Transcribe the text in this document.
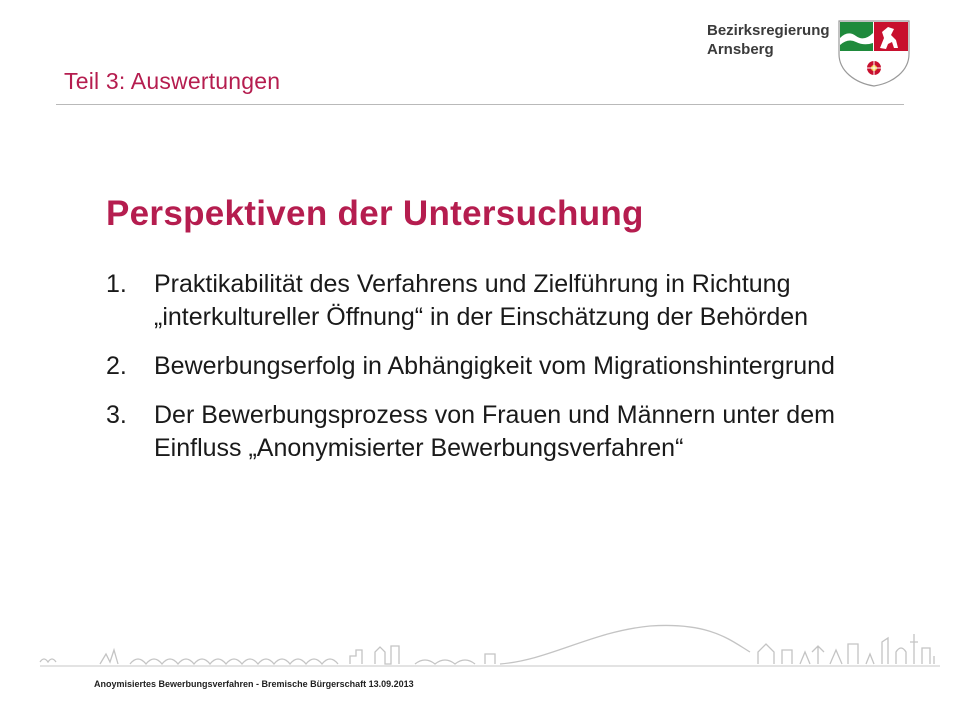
Teil 3: Auswertungen
Bezirksregierung
Arnsberg
Perspektiven der Untersuchung
1.	Praktikabilität des Verfahrens und Zielführung in Richtung „interkultureller Öffnung“ in der Einschätzung der Behörden
2.	Bewerbungserfolg in Abhängigkeit vom Migrationshintergrund
3.	Der Bewerbungsprozess von Frauen und Männern unter dem Einfluss „Anonymisierter Bewerbungsverfahren“
Anoymisiertes Bewerbungsverfahren - Bremische Bürgerschaft 13.09.2013
